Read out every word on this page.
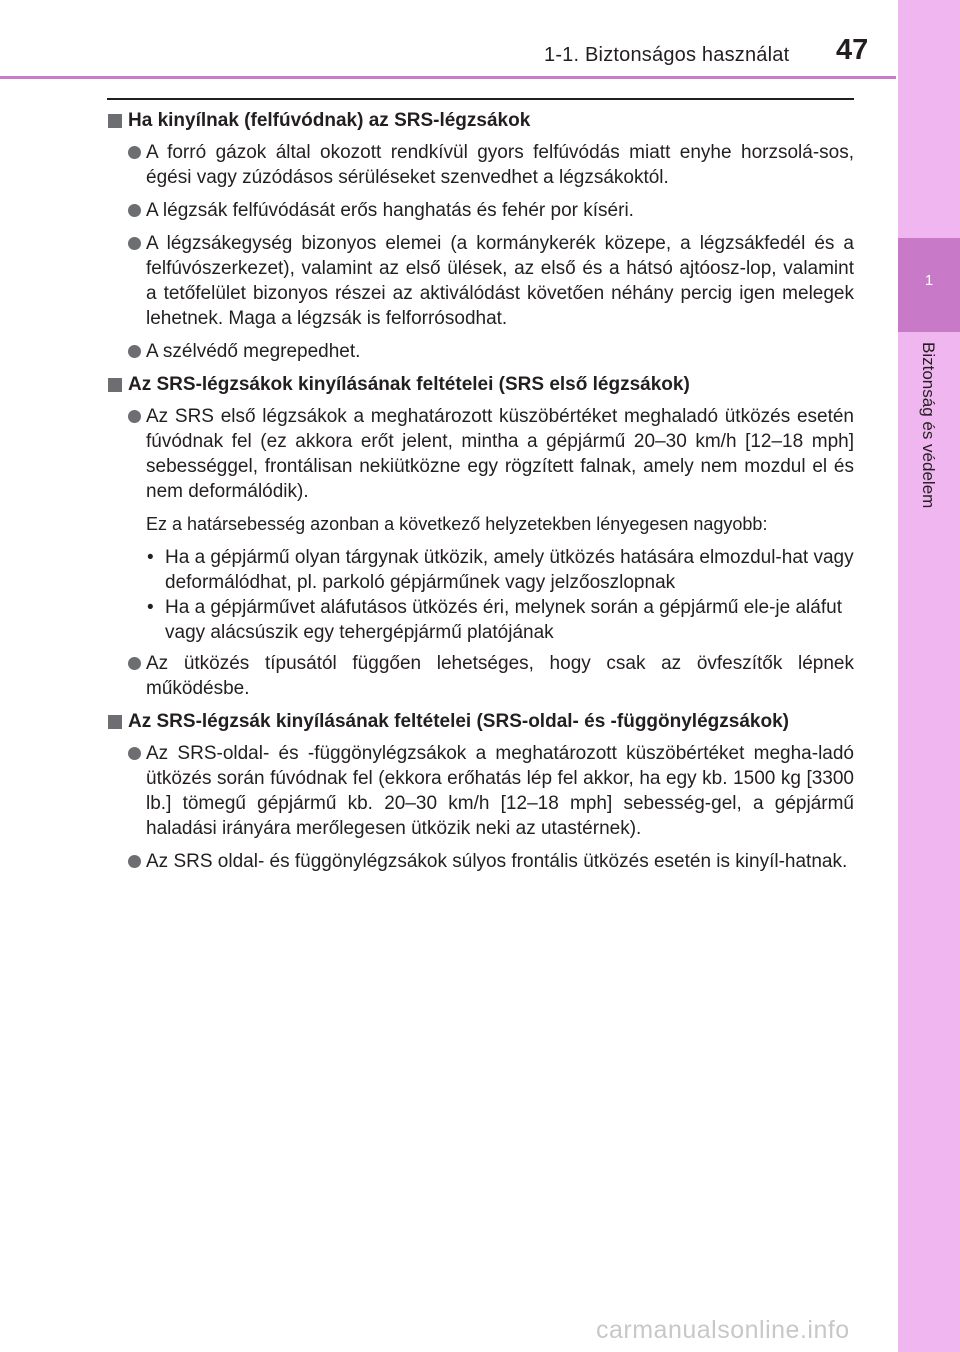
1
Biztonság és védelem
1-1. Biztonságos használat 47
Ha kinyílnak (felfúvódnak) az SRS-légzsákok
A forró gázok által okozott rendkívül gyors felfúvódás miatt enyhe horzsolá-sos, égési vagy zúzódásos sérüléseket szenvedhet a légzsákoktól.
A légzsák felfúvódását erős hanghatás és fehér por kíséri.
A légzsákegység bizonyos elemei (a kormánykerék közepe, a légzsákfedél és a felfúvószerkezet), valamint az első ülések, az első és a hátsó ajtóosz-lop, valamint a tetőfelület bizonyos részei az aktiválódást követően néhány percig igen melegek lehetnek. Maga a légzsák is felforrósodhat.
A szélvédő megrepedhet.
Az SRS-légzsákok kinyílásának feltételei (SRS első légzsákok)
Az SRS első légzsákok a meghatározott küszöbértéket meghaladó ütközés esetén fúvódnak fel (ez akkora erőt jelent, mintha a gépjármű 20–30 km/h [12–18 mph] sebességgel, frontálisan nekiütközne egy rögzített falnak, amely nem mozdul el és nem deformálódik).
Ez a határsebesség azonban a következő helyzetekben lényegesen nagyobb:
• Ha a gépjármű olyan tárgynak ütközik, amely ütközés hatására elmozdul-hat vagy deformálódhat, pl. parkoló gépjárműnek vagy jelzőoszlopnak
• Ha a gépjárművet aláfutásos ütközés éri, melynek során a gépjármű ele-je aláfut vagy alácsúszik egy tehergépjármű platójának
Az ütközés típusától függően lehetséges, hogy csak az övfeszítők lépnek működésbe.
Az SRS-légzsák kinyílásának feltételei (SRS-oldal- és -függönylégzsákok)
Az SRS-oldal- és -függönylégzsákok a meghatározott küszöbértéket megha-ladó ütközés során fúvódnak fel (ekkora erőhatás lép fel akkor, ha egy kb. 1500 kg [3300 lb.] tömegű gépjármű kb. 20–30 km/h [12–18 mph] sebesség-gel, a gépjármű haladási irányára merőlegesen ütközik neki az utastérnek).
Az SRS oldal- és függönylégzsákok súlyos frontális ütközés esetén is kinyíl-hatnak.
carmanualsonline.info
